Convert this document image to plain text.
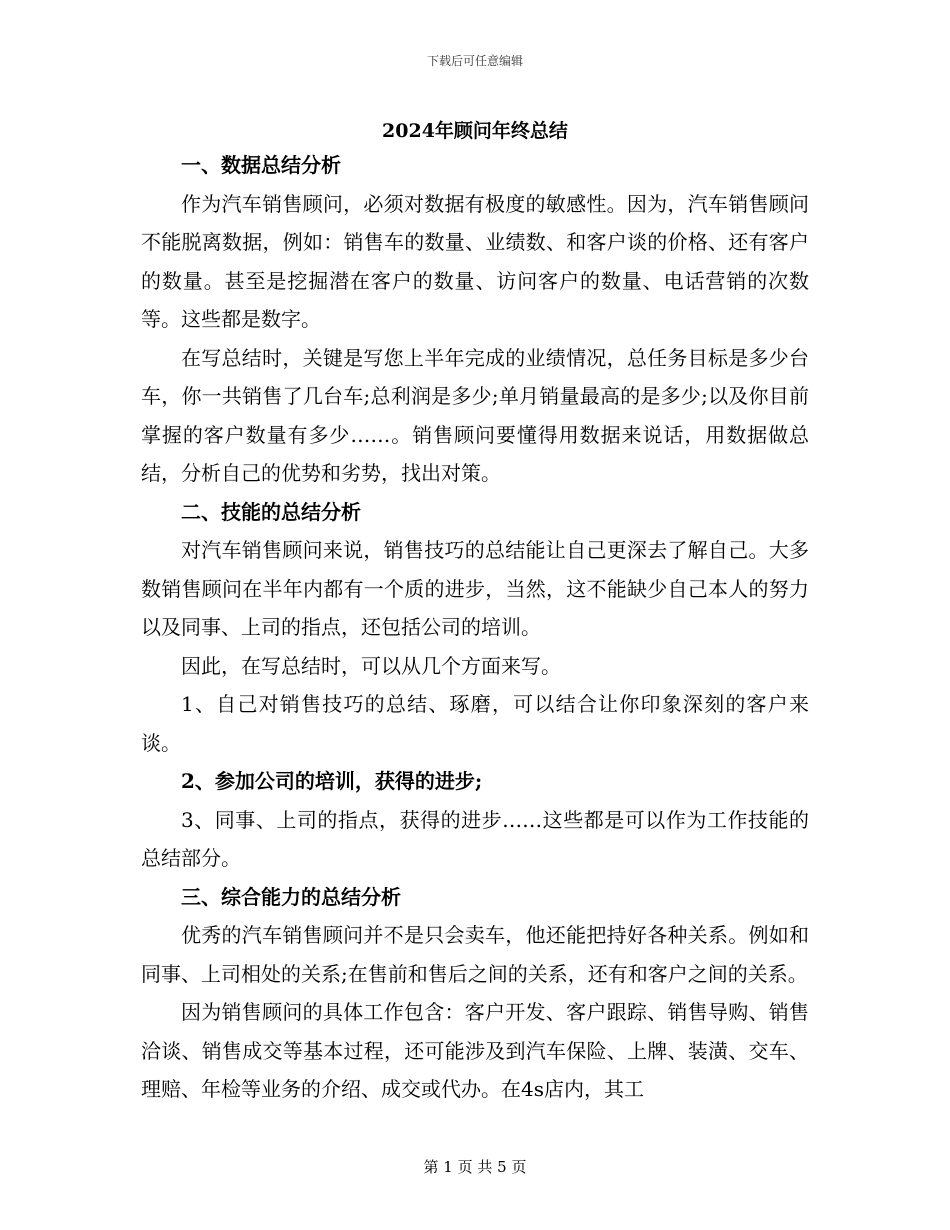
下载后可任意编辑
2024年顾问年终总结

一、数据总结分析

作为汽车销售顾问，必须对数据有极度的敏感性。因为，汽车销售顾问不能脱离数据，例如：销售车的数量、业绩数、和客户谈的价格、还有客户的数量。甚至是挖掘潜在客户的数量、访问客户的数量、电话营销的次数等。这些都是数字。

在写总结时，关键是写您上半年完成的业绩情况，总任务目标是多少台车，你一共销售了几台车;总利润是多少;单月销量最高的是多少;以及你目前掌握的客户数量有多少……。销售顾问要懂得用数据来说话，用数据做总结，分析自己的优势和劣势，找出对策。

二、技能的总结分析

对汽车销售顾问来说，销售技巧的总结能让自己更深去了解自己。大多数销售顾问在半年内都有一个质的进步，当然，这不能缺少自己本人的努力以及同事、上司的指点，还包括公司的培训。

因此，在写总结时，可以从几个方面来写。

1、自己对销售技巧的总结、琢磨，可以结合让你印象深刻的客户来谈。

2、参加公司的培训，获得的进步;

3、同事、上司的指点，获得的进步……这些都是可以作为工作技能的总结部分。

三、综合能力的总结分析

优秀的汽车销售顾问并不是只会卖车，他还能把持好各种关系。例如和同事、上司相处的关系;在售前和售后之间的关系，还有和客户之间的关系。

因为销售顾问的具体工作包含：客户开发、客户跟踪、销售导购、销售洽谈、销售成交等基本过程，还可能涉及到汽车保险、上牌、装潢、交车、理赔、年检等业务的介绍、成交或代办。在4s店内，其工

第 1 页 共 5 页
